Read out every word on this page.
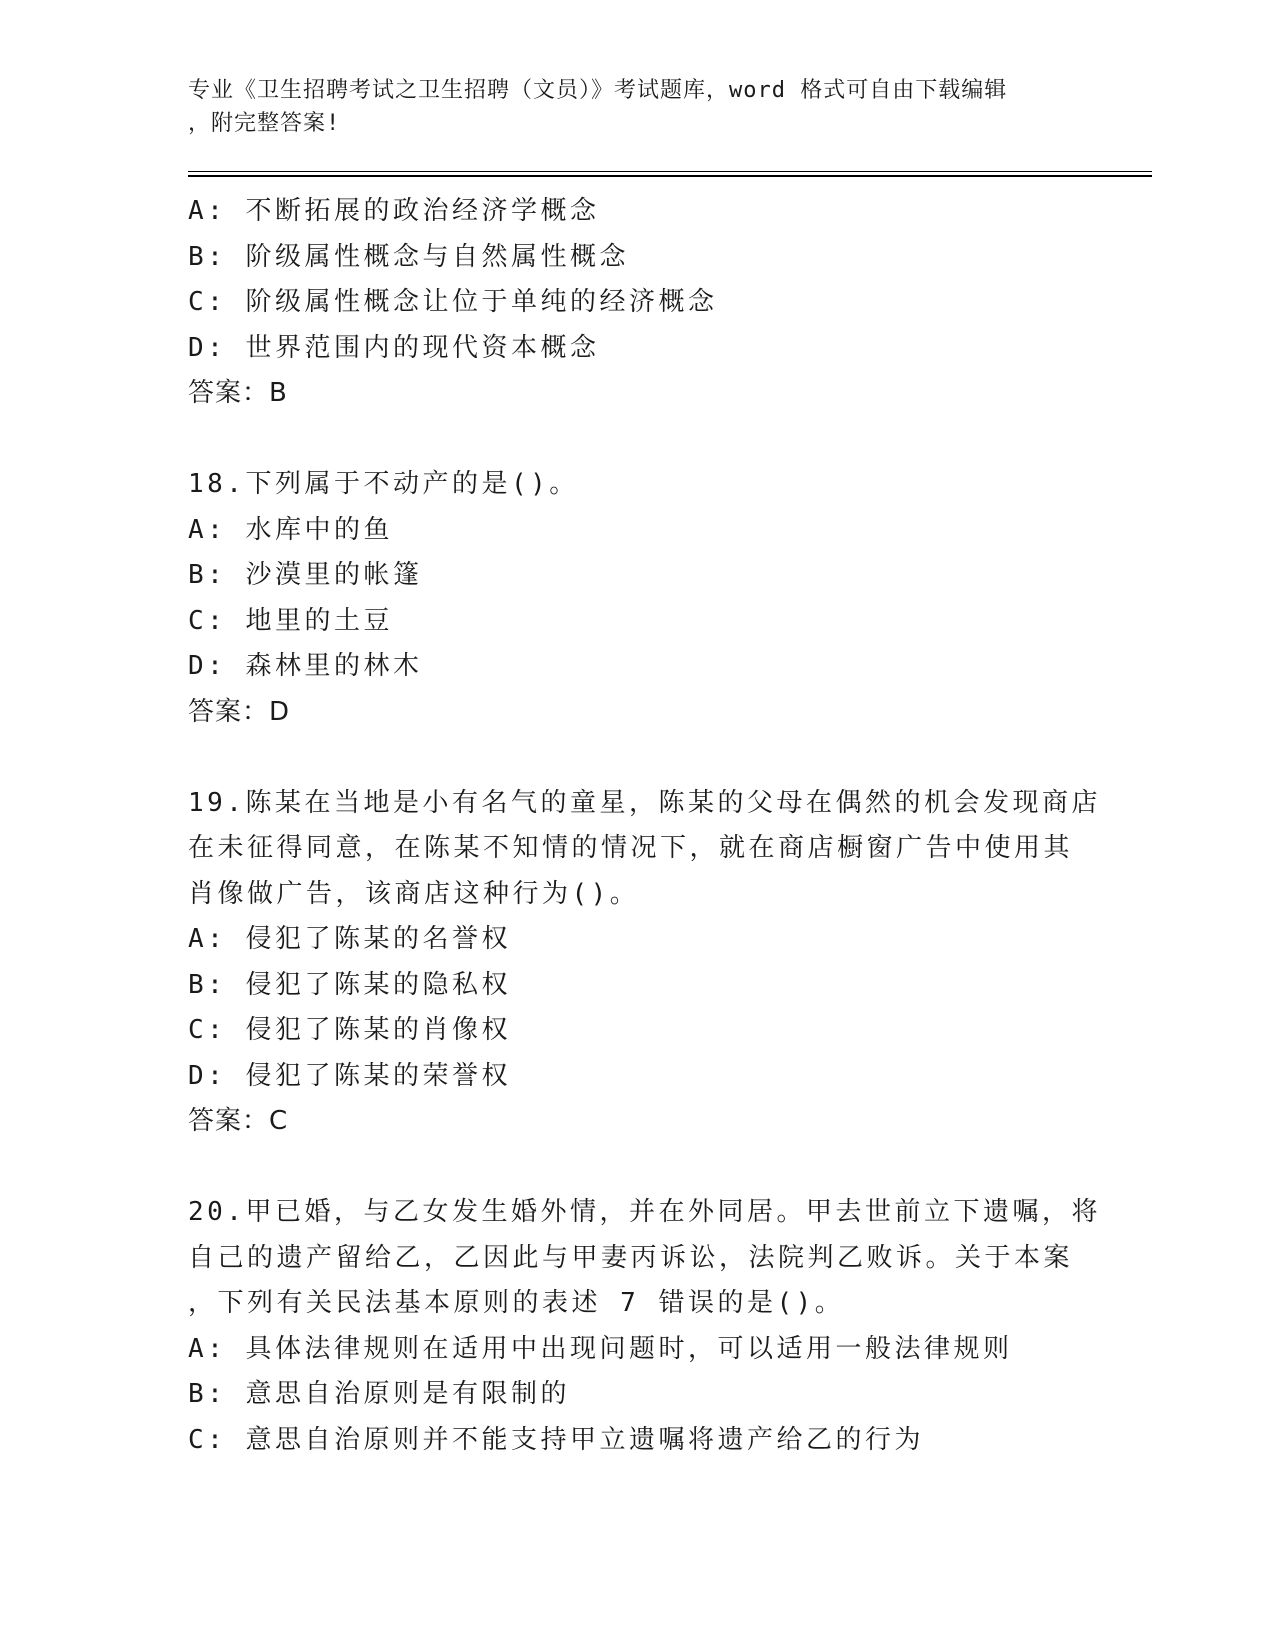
专业《卫生招聘考试之卫生招聘（文员）》考试题库，word 格式可自由下载编辑
，附完整答案!
A: 不断拓展的政治经济学概念
B: 阶级属性概念与自然属性概念
C: 阶级属性概念让位于单纯的经济概念
D: 世界范围内的现代资本概念
答案：B
18.下列属于不动产的是()。
A: 水库中的鱼
B: 沙漠里的帐篷
C: 地里的土豆
D: 森林里的林木
答案：D
19.陈某在当地是小有名气的童星，陈某的父母在偶然的机会发现商店
在未征得同意，在陈某不知情的情况下，就在商店橱窗广告中使用其
肖像做广告，该商店这种行为()。
A: 侵犯了陈某的名誉权
B: 侵犯了陈某的隐私权
C: 侵犯了陈某的肖像权
D: 侵犯了陈某的荣誉权
答案：C
20.甲已婚，与乙女发生婚外情，并在外同居。甲去世前立下遗嘱，将
自己的遗产留给乙，乙因此与甲妻丙诉讼，法院判乙败诉。关于本案
，下列有关民法基本原则的表述 7 错误的是()。
A: 具体法律规则在适用中出现问题时，可以适用一般法律规则
B: 意思自治原则是有限制的
C: 意思自治原则并不能支持甲立遗嘱将遗产给乙的行为
